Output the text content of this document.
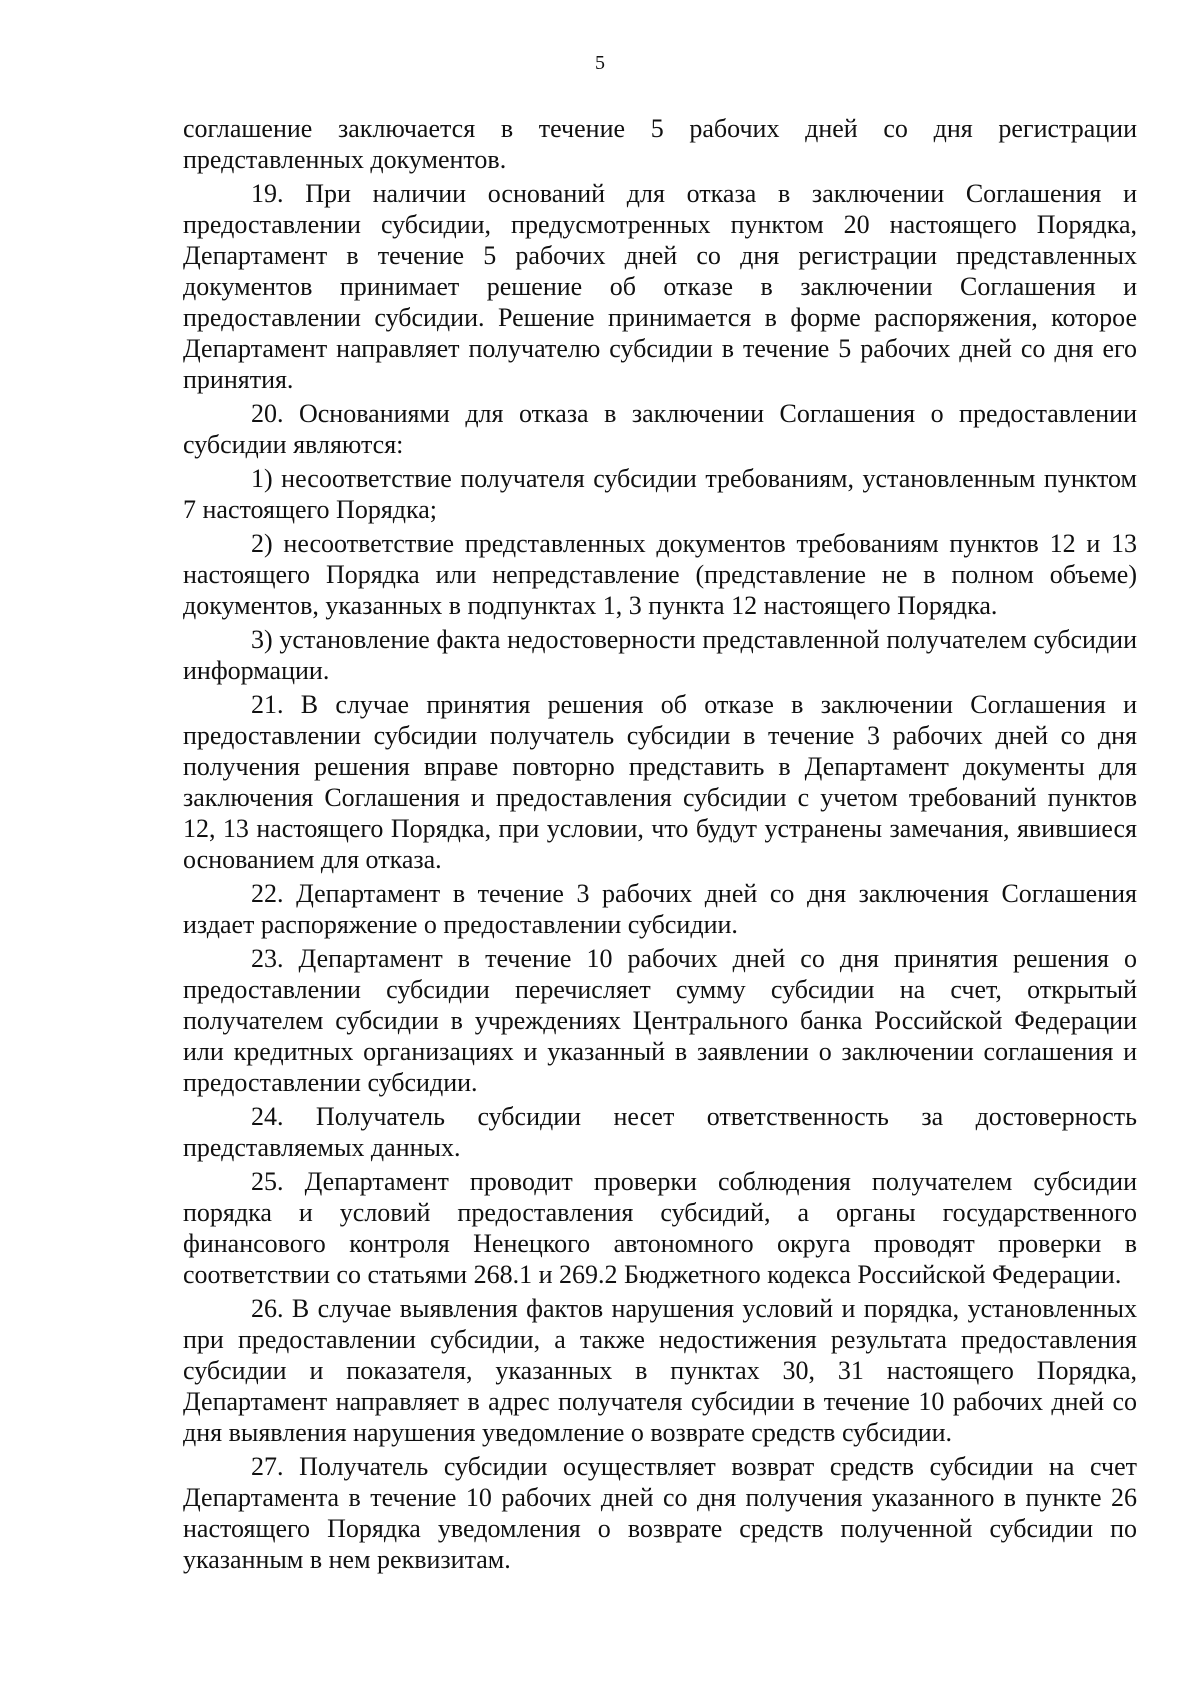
5

соглашение заключается в течение 5 рабочих дней со дня регистрации представленных документов.

19. При наличии оснований для отказа в заключении Соглашения и предоставлении субсидии, предусмотренных пунктом 20 настоящего Порядка, Департамент в течение 5 рабочих дней со дня регистрации представленных документов принимает решение об отказе в заключении Соглашения и предоставлении субсидии. Решение принимается в форме распоряжения, которое Департамент направляет получателю субсидии в течение 5 рабочих дней со дня его принятия.

20. Основаниями для отказа в заключении Соглашения о предоставлении субсидии являются:

1) несоответствие получателя субсидии требованиям, установленным пунктом 7 настоящего Порядка;

2) несоответствие представленных документов требованиям пунктов 12 и 13 настоящего Порядка или непредставление (представление не в полном объеме) документов, указанных в подпунктах 1, 3 пункта 12 настоящего Порядка.

3) установление факта недостоверности представленной получателем субсидии информации.

21. В случае принятия решения об отказе в заключении Соглашения и предоставлении субсидии получатель субсидии в течение 3 рабочих дней со дня получения решения вправе повторно представить в Департамент документы для заключения Соглашения и предоставления субсидии с учетом требований пунктов 12, 13 настоящего Порядка, при условии, что будут устранены замечания, явившиеся основанием для отказа.

22. Департамент в течение 3 рабочих дней со дня заключения Соглашения издает распоряжение о предоставлении субсидии.

23. Департамент в течение 10 рабочих дней со дня принятия решения о предоставлении субсидии перечисляет сумму субсидии на счет, открытый получателем субсидии в учреждениях Центрального банка Российской Федерации или кредитных организациях и указанный в заявлении о заключении соглашения и предоставлении субсидии.

24. Получатель субсидии несет ответственность за достоверность представляемых данных.

25. Департамент проводит проверки соблюдения получателем субсидии порядка и условий предоставления субсидий, а органы государственного финансового контроля Ненецкого автономного округа проводят проверки в соответствии со статьями 268.1 и 269.2 Бюджетного кодекса Российской Федерации.

26. В случае выявления фактов нарушения условий и порядка, установленных при предоставлении субсидии, а также недостижения результата предоставления субсидии и показателя, указанных в пунктах 30, 31 настоящего Порядка, Департамент направляет в адрес получателя субсидии в течение 10 рабочих дней со дня выявления нарушения уведомление о возврате средств субсидии.

27. Получатель субсидии осуществляет возврат средств субсидии на счет Департамента в течение 10 рабочих дней со дня получения указанного в пункте 26 настоящего Порядка уведомления о возврате средств полученной субсидии по указанным в нем реквизитам.
